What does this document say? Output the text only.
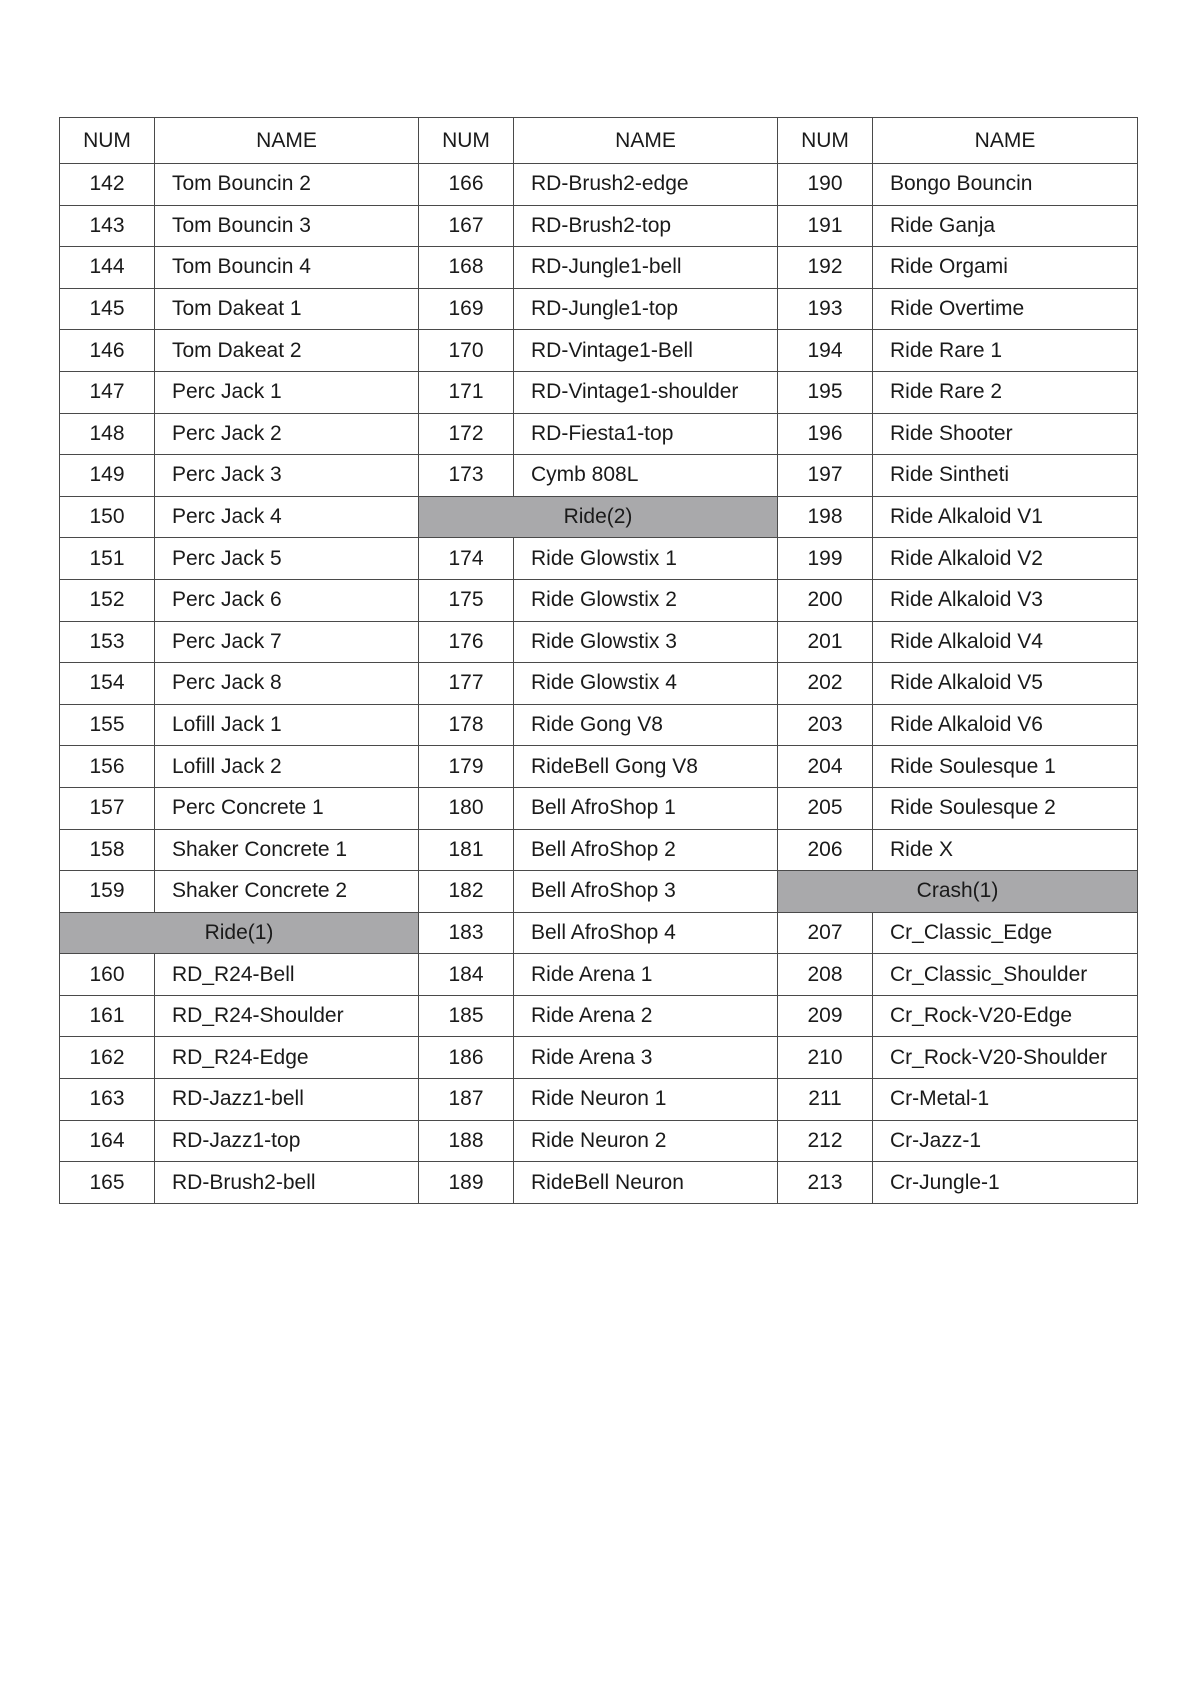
NUM	NAME	NUM	NAME	NUM	NAME
142	Tom Bouncin 2	166	RD-Brush2-edge	190	Bongo Bouncin
143	Tom Bouncin 3	167	RD-Brush2-top	191	Ride Ganja
144	Tom Bouncin 4	168	RD-Jungle1-bell	192	Ride Orgami
145	Tom Dakeat 1	169	RD-Jungle1-top	193	Ride Overtime
146	Tom Dakeat 2	170	RD-Vintage1-Bell	194	Ride Rare 1
147	Perc Jack 1	171	RD-Vintage1-shoulder	195	Ride Rare 2
148	Perc Jack 2	172	RD-Fiesta1-top	196	Ride Shooter
149	Perc Jack 3	173	Cymb 808L	197	Ride Sintheti
150	Perc Jack 4	Ride(2)		198	Ride Alkaloid V1
151	Perc Jack 5	174	Ride Glowstix 1	199	Ride Alkaloid V2
152	Perc Jack 6	175	Ride Glowstix 2	200	Ride Alkaloid V3
153	Perc Jack 7	176	Ride Glowstix 3	201	Ride Alkaloid V4
154	Perc Jack 8	177	Ride Glowstix 4	202	Ride Alkaloid V5
155	Lofill Jack 1	178	Ride Gong V8	203	Ride Alkaloid V6
156	Lofill Jack 2	179	RideBell Gong V8	204	Ride Soulesque 1
157	Perc Concrete 1	180	Bell AfroShop 1	205	Ride Soulesque 2
158	Shaker Concrete 1	181	Bell AfroShop 2	206	Ride X
159	Shaker Concrete 2	182	Bell AfroShop 3	Crash(1)	
Ride(1)		183	Bell AfroShop 4	207	Cr_Classic_Edge
160	RD_R24-Bell	184	Ride Arena 1	208	Cr_Classic_Shoulder
161	RD_R24-Shoulder	185	Ride Arena 2	209	Cr_Rock-V20-Edge
162	RD_R24-Edge	186	Ride Arena 3	210	Cr_Rock-V20-Shoulder
163	RD-Jazz1-bell	187	Ride Neuron 1	211	Cr-Metal-1
164	RD-Jazz1-top	188	Ride Neuron 2	212	Cr-Jazz-1
165	RD-Brush2-bell	189	RideBell Neuron	213	Cr-Jungle-1
